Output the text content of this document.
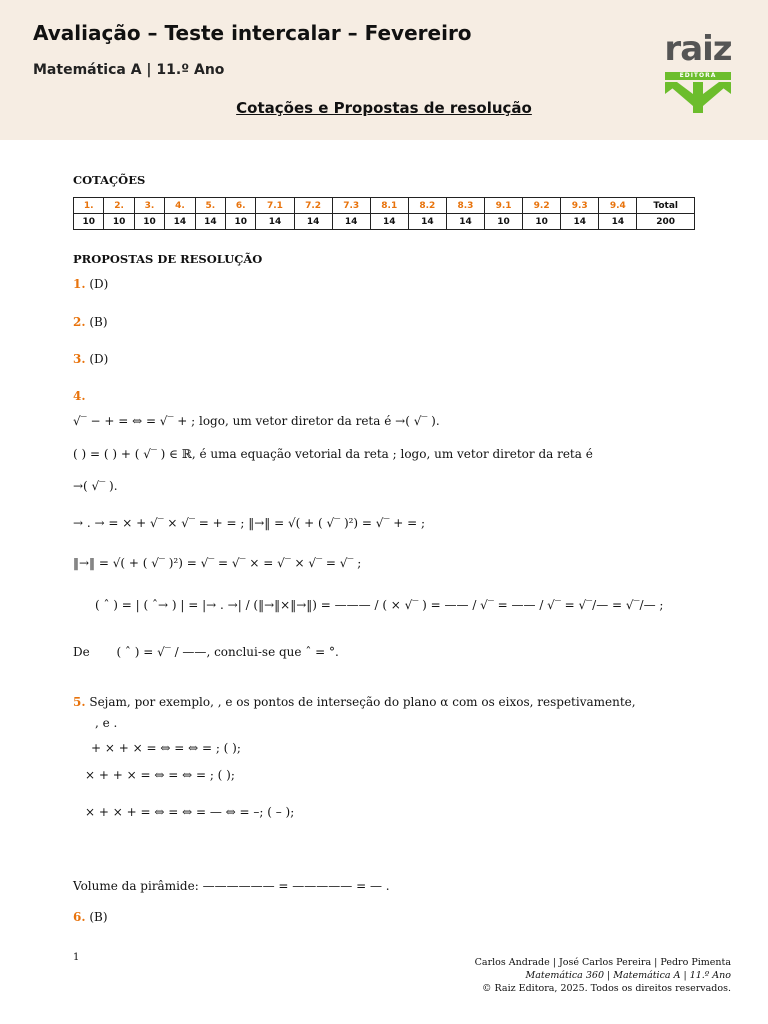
Avaliação – Teste intercalar – Fevereiro
Matemática A | 11.º Ano
Cotações e Propostas de resolução
raiz
EDITORA
COTAÇÕES
1.	2.	3.	4.	5.	6.	7.1	7.2	7.3	8.1	8.2	8.3	9.1	9.2	9.3	9.4	Total
10	10	10	14	14	10	14	14	14	14	14	14	10	10	14	14	200
PROPOSTAS DE RESOLUÇÃO
1. (D)
2. (B)
3. (D)
4.
√‾ − + = ⇔ = √‾ + ; logo, um vetor diretor da reta é →( √‾ ).
( ) = ( ) + ( √‾ ) ∈ ℝ, é uma equação vetorial da reta ; logo, um vetor diretor da reta é
→( √‾ ).
→ . → = × + √‾ × √‾ = + = ; ‖→‖ = √( + ( √‾ )²) = √‾ + = ;
‖→‖ = √( + ( √‾ )²) = √‾ = √‾ × = √‾ × √‾ = √‾ ;
( ˆ ) = | ( ˆ→ ) | = |→ . →| / (‖→‖×‖→‖) = ——— / ( × √‾ ) = —— / √‾ = —— / √‾ = √‾/— = √‾/— ;
De ( ˆ ) = √‾ / ——, conclui-se que ˆ = °.
5. Sejam, por exemplo, , e os pontos de interseção do plano α com os eixos, respetivamente,
, e .
+ × + × = ⇔ = ⇔ = ; ( );
× + + × = ⇔ = ⇔ = ; ( );
× + × + = ⇔ = ⇔ = — ⇔ = –; ( – );
Volume da pirâmide: —————— = ————— = — .
6. (B)
1	Carlos Andrade | José Carlos Pereira | Pedro Pimenta
Matemática 360 | Matemática A | 11.º Ano
© Raiz Editora, 2025. Todos os direitos reservados.
